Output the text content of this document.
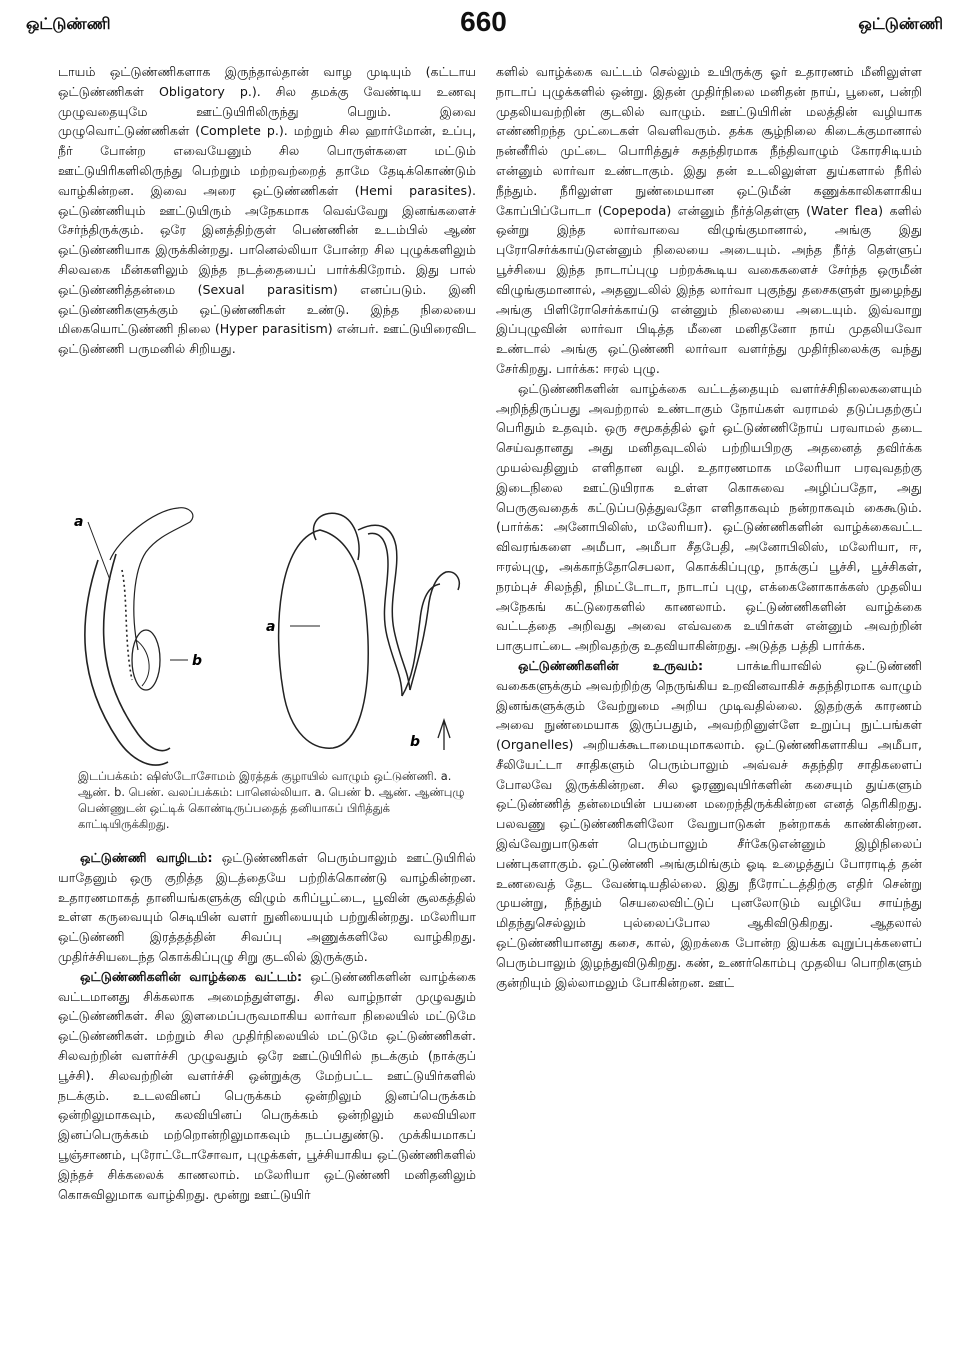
ஒட்டுண்ணி	660	ஒட்டுண்ணி

டாயம் ஒட்டுண்ணிகளாக இருந்தால்தான் வாழ முடியும் (கட்டாய ஒட்டுண்ணிகள் Obligatory p.). சில தமக்கு வேண்டிய உணவு முழுவதையுமே ஊட்டுயிரிலிருந்து பெறும். இவை முழுவொட்டுண்ணிகள் (Complete p.). மற்றும் சில ஹார்மோன், உப்பு, நீர் போன்ற எவையேனும் சில பொருள்களை மட்டும் ஊட்டுயிரிகளிலிருந்து பெற்றும் மற்றவற்றைத் தாமே தேடிக்கொண்டும் வாழ்கின்றன. இவை அரை ஒட்டுண்ணிகள் (Hemi parasites). ஒட்டுண்ணியும் ஊட்டுயிரும் அநேகமாக வெவ்வேறு இனங்களைச் சேர்ந்திருக்கும். ஒரே இனத்திற்குள் பெண்ணின் உடம்பில் ஆண் ஒட்டுண்ணியாக இருக்கின்றது. பானெல்லியா போன்ற சில புழுக்களிலும் சிலவகை மீன்களிலும் இந்த நடத்தையைப் பார்க்கிறோம். இது பால் ஒட்டுண்ணித்தன்மை (Sexual parasitism) எனப்படும். இனி ஒட்டுண்ணிகளுக்கும் ஒட்டுண்ணிகள் உண்டு. இந்த நிலையை மிகையொட்டுண்ணி நிலை (Hyper parasitism) என்பர். ஊட்டுயிரைவிட ஒட்டுண்ணி பருமனில் சிறியது.

a
b
a
b
இடப்பக்கம்: ஷிஸ்டோசோமம் இரத்தக் குழாயில் வாழும் ஒட்டுண்ணி. a. ஆண். b. பெண். வலப்பக்கம்: பானெல்லியா. a. பெண் b. ஆண். ஆண்புழு பெண்ணுடன் ஒட்டிக் கொண்டிருப்பதைத் தனியாகப் பிரித்துக் காட்டியிருக்கிறது.

ஒட்டுண்ணி வாழிடம்: ஒட்டுண்ணிகள் பெரும்பாலும் ஊட்டுயிரில் யாதேனும் ஒரு குறித்த இடத்தையே பற்றிக்கொண்டு வாழ்கின்றன. உதாரணமாகத் தானியங்களுக்கு விழும் கரிப்பூட்டை, பூவின் சூலகத்தில் உள்ள கருவையும் செடியின் வளர் நுனியையும் பற்றுகின்றது. மலேரியா ஒட்டுண்ணி இரத்தத்தின் சிவப்பு அணுக்களிலே வாழ்கிறது. முதிர்ச்சியடைந்த கொக்கிப்புழு சிறு குடலில் இருக்கும்.

ஒட்டுண்ணிகளின் வாழ்க்கை வட்டம்: ஒட்டுண்ணிகளின் வாழ்க்கை வட்டமானது சிக்கலாக அமைந்துள்ளது. சில வாழ்நாள் முழுவதும் ஒட்டுண்ணிகள். சில இளமைப்பருவமாகிய லார்வா நிலையில் மட்டுமே ஒட்டுண்ணிகள். மற்றும் சில முதிர்நிலையில் மட்டுமே ஒட்டுண்ணிகள். சிலவற்றின் வளர்ச்சி முழுவதும் ஒரே ஊட்டுயிரில் நடக்கும் (நாக்குப் பூச்சி). சிலவற்றின் வளர்ச்சி ஒன்றுக்கு மேற்பட்ட ஊட்டுயிர்களில் நடக்கும். உடலவினப் பெருக்கம் ஒன்றிலும் இனப்பெருக்கம் ஒன்றிலுமாகவும், கலவியினப் பெருக்கம் ஒன்றிலும் கலவியிலா இனப்பெருக்கம் மற்றொன்றிலுமாகவும் நடப்பதுண்டு. முக்கியமாகப் பூஞ்சாணம், புரோட்டோசோவா, புழுக்கள், பூச்சியாகிய ஒட்டுண்ணிகளில் இந்தச் சிக்கலைக் காணலாம். மலேரியா ஒட்டுண்ணி மனிதனிலும் கொசுவிலுமாக வாழ்கிறது. மூன்று ஊட்டுயிர்

களில் வாழ்க்கை வட்டம் செல்லும் உயிருக்கு ஓர் உதாரணம் மீனிலுள்ள நாடாப் புழுக்களில் ஒன்று. இதன் முதிர்நிலை மனிதன் நாய், பூனை, பன்றி முதலியவற்றின் குடலில் வாழும். ஊட்டுயிரின் மலத்தின் வழியாக எண்ணிறந்த முட்டைகள் வெளிவரும். தக்க சூழ்நிலை கிடைக்குமானால் நன்னீரில் முட்டை பொரித்துச் சுதந்திரமாக நீந்திவாழும் கோரசிடியம் என்னும் லார்வா உண்டாகும். இது தன் உடலிலுள்ள துய்களால் நீரில் நீந்தும். நீரிலுள்ள நுண்மையான ஒட்டுமீன் கணுக்காலிகளாகிய கோப்பிப்போடா (Copepoda) என்னும் நீர்த்தெள்ளு (Water flea) களில் ஒன்று இந்த லார்வாவை விழுங்குமானால், அங்கு இது புரோசெர்க்காய்டுஎன்னும் நிலையை அடையும். அந்த நீர்த் தெள்ளுப் பூச்சியை இந்த நாடாப்புழு பற்றக்கூடிய வகைகளைச் சேர்ந்த ஒருமீன் விழுங்குமானால், அதனுடலில் இந்த லார்வா புகுந்து தசைகளுள் நுழைந்து அங்கு பிளிரோசெர்க்காய்டு என்னும் நிலையை அடையும். இவ்வாறு இப்புழுவின் லார்வா பிடித்த மீனை மனிதனோ நாய் முதலியவோ உண்டால் அங்கு ஒட்டுண்ணி லார்வா வளர்ந்து முதிர்நிலைக்கு வந்து சேர்கிறது. பார்க்க: ஈரல் புழு.

ஒட்டுண்ணிகளின் வாழ்க்கை வட்டத்தையும் வளர்ச்சிநிலைகளையும் அறிந்திருப்பது அவற்றால் உண்டாகும் நோய்கள் வராமல் தடுப்பதற்குப் பெரிதும் உதவும். ஒரு சமூகத்தில் ஓர் ஒட்டுண்ணிநோய் பரவாமல் தடை செய்வதானது அது மனிதவுடலில் பற்றியபிறகு அதனைத் தவிர்க்க முயல்வதினும் எளிதான வழி. உதாரணமாக மலேரியா பரவுவதற்கு இடைநிலை ஊட்டுயிராக உள்ள கொசுவை அழிப்பதோ, அது பெருகுவதைக் கட்டுப்படுத்துவதோ எளிதாகவும் நன்றாகவும் கைகூடும். (பார்க்க: அனோபிலிஸ், மலேரியா). ஒட்டுண்ணிகளின் வாழ்க்கைவட்ட விவரங்களை அமீபா, அமீபா சீதபேதி, அனோபிலிஸ், மலேரியா, ஈ, ஈரல்புழு, அக்காந்தோசெபலா, கொக்கிப்புழு, நாக்குப் பூச்சி, பூச்சிகள், நரம்புச் சிலந்தி, நிமட்டோடா, நாடாப் புழு, எக்கைனோகாக்கஸ் முதலிய அநேகங் கட்டுரைகளில் காணலாம். ஒட்டுண்ணிகளின் வாழ்க்கை வட்டத்தை அறிவது அவை எவ்வகை உயிர்கள் என்னும் அவற்றின் பாகுபாட்டை அறிவதற்கு உதவியாகின்றது. அடுத்த பத்தி பார்க்க.

ஒட்டுண்ணிகளின் உருவம்: பாக்டீரியாவில் ஒட்டுண்ணி வகைகளுக்கும் அவற்றிற்கு நெருங்கிய உறவினவாகிச் சுதந்திரமாக வாழும் இனங்களுக்கும் வேற்றுமை அறிய முடிவதில்லை. இதற்குக் காரணம் அவை நுண்மையாக இருப்பதும், அவற்றினுள்ளே உறுப்பு நுட்பங்கள் (Organelles) அறியக்கூடாமையுமாகலாம். ஒட்டுண்ணிகளாகிய அமீபா, சீலியேட்டா சாதிகளும் பெரும்பாலும் அவ்வச் சுதந்திர சாதிகளைப் போலவே இருக்கின்றன. சில ஓரணுவுயிர்களின் கசையும் துய்களும் ஒட்டுண்ணித் தன்மையின் பயனை மறைந்திருக்கின்றன எனத் தெரிகிறது. பலவணு ஒட்டுண்ணிகளிலோ வேறுபாடுகள் நன்றாகக் காண்கின்றன. இவ்வேறுபாடுகள் பெரும்பாலும் சீர்கேடுஎன்னும் இழிநிலைப் பண்புகளாகும். ஒட்டுண்ணி அங்குமிங்கும் ஓடி உழைத்துப் போராடித் தன் உணவைத் தேட வேண்டியதில்லை. இது நீரோட்டத்திற்கு எதிர் சென்று முயன்று, நீந்தும் செயலைவிட்டுப் புனலோடும் வழியே சாய்ந்து மிதந்துசெல்லும் புல்லைப்போல ஆகிவிடுகிறது. ஆதலால் ஒட்டுண்ணியானது கசை, கால், இறக்கை போன்ற இயக்க வுறுப்புக்களைப் பெரும்பாலும் இழந்துவிடுகிறது. கண், உணர்கொம்பு முதலிய பொறிகளும் குன்றியும் இல்லாமலும் போகின்றன. ஊட்
